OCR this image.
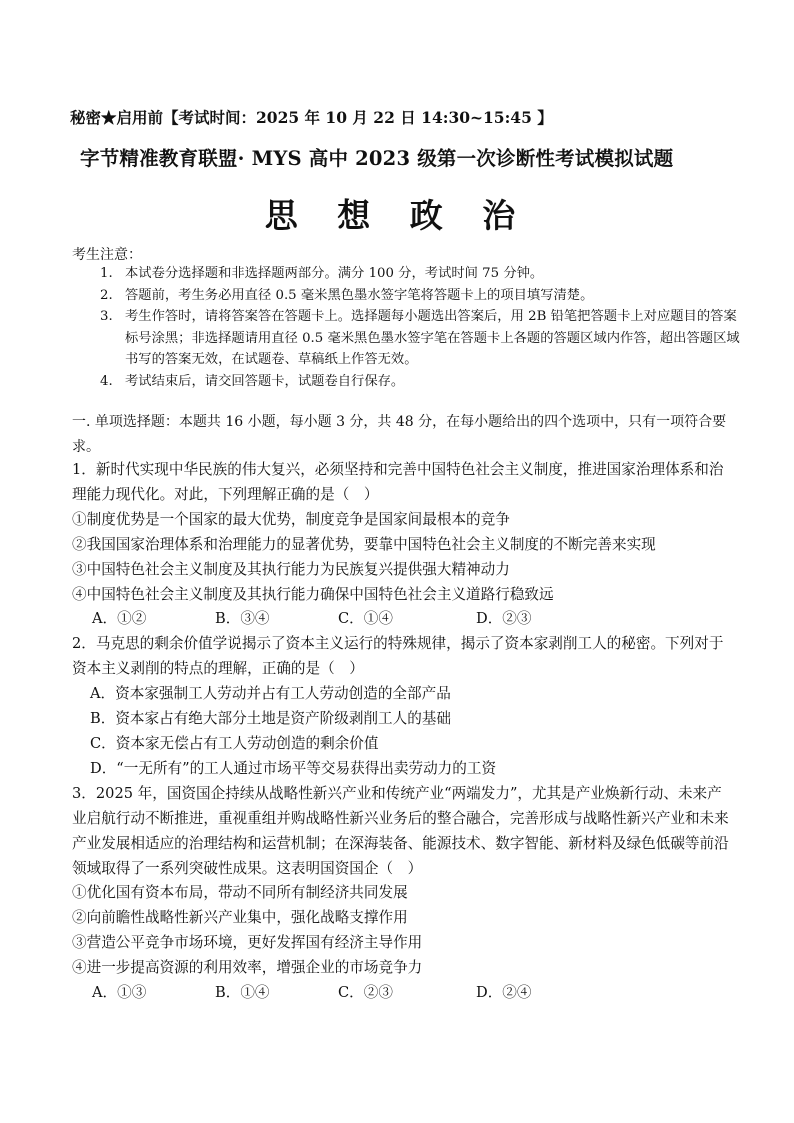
秘密★启用前【考试时间：2025 年 10 月 22 日 14:30~15:45 】
字节精准教育联盟· MYS 高中 2023 级第一次诊断性考试模拟试题
思 想 政 治
考生注意：
1. 本试卷分选择题和非选择题两部分。满分 100 分，考试时间 75 分钟。
2. 答题前，考生务必用直径 0.5 毫米黑色墨水签字笔将答题卡上的项目填写清楚。
3. 考生作答时，请将答案答在答题卡上。选择题每小题选出答案后，用 2B 铅笔把答题卡上对应题目的答案标号涂黑；非选择题请用直径 0.5 毫米黑色墨水签字笔在答题卡上各题的答题区域内作答，超出答题区域书写的答案无效，在试题卷、草稿纸上作答无效。
4. 考试结束后，请交回答题卡，试题卷自行保存。
一. 单项选择题：本题共 16 小题，每小题 3 分，共 48 分，在每小题给出的四个选项中，只有一项符合要求。

1．新时代实现中华民族的伟大复兴，必须坚持和完善中国特色社会主义制度，推进国家治理体系和治理能力现代化。对此，下列理解正确的是（　）

①制度优势是一个国家的最大优势，制度竞争是国家间最根本的竞争

②我国国家治理体系和治理能力的显著优势，要靠中国特色社会主义制度的不断完善来实现

③中国特色社会主义制度及其执行能力为民族复兴提供强大精神动力

④中国特色社会主义制度及其执行能力确保中国特色社会主义道路行稳致远

A．①②	B．③④	C．①④	D．②③

2．马克思的剩余价值学说揭示了资本主义运行的特殊规律，揭示了资本家剥削工人的秘密。下列对于资本主义剥削的特点的理解，正确的是（　）

A．资本家强制工人劳动并占有工人劳动创造的全部产品

B．资本家占有绝大部分土地是资产阶级剥削工人的基础

C．资本家无偿占有工人劳动创造的剩余价值

D．“一无所有”的工人通过市场平等交易获得出卖劳动力的工资

3．2025 年，国资国企持续从战略性新兴产业和传统产业“两端发力”，尤其是产业焕新行动、未来产业启航行动不断推进，重视重组并购战略性新兴业务后的整合融合，完善形成与战略性新兴产业和未来产业发展相适应的治理结构和运营机制；在深海装备、能源技术、数字智能、新材料及绿色低碳等前沿领域取得了一系列突破性成果。这表明国资国企（　）

①优化国有资本布局，带动不同所有制经济共同发展

②向前瞻性战略性新兴产业集中，强化战略支撑作用

③营造公平竞争市场环境，更好发挥国有经济主导作用

④进一步提高资源的利用效率，增强企业的市场竞争力

A．①③	B．①④	C．②③	D．②④
